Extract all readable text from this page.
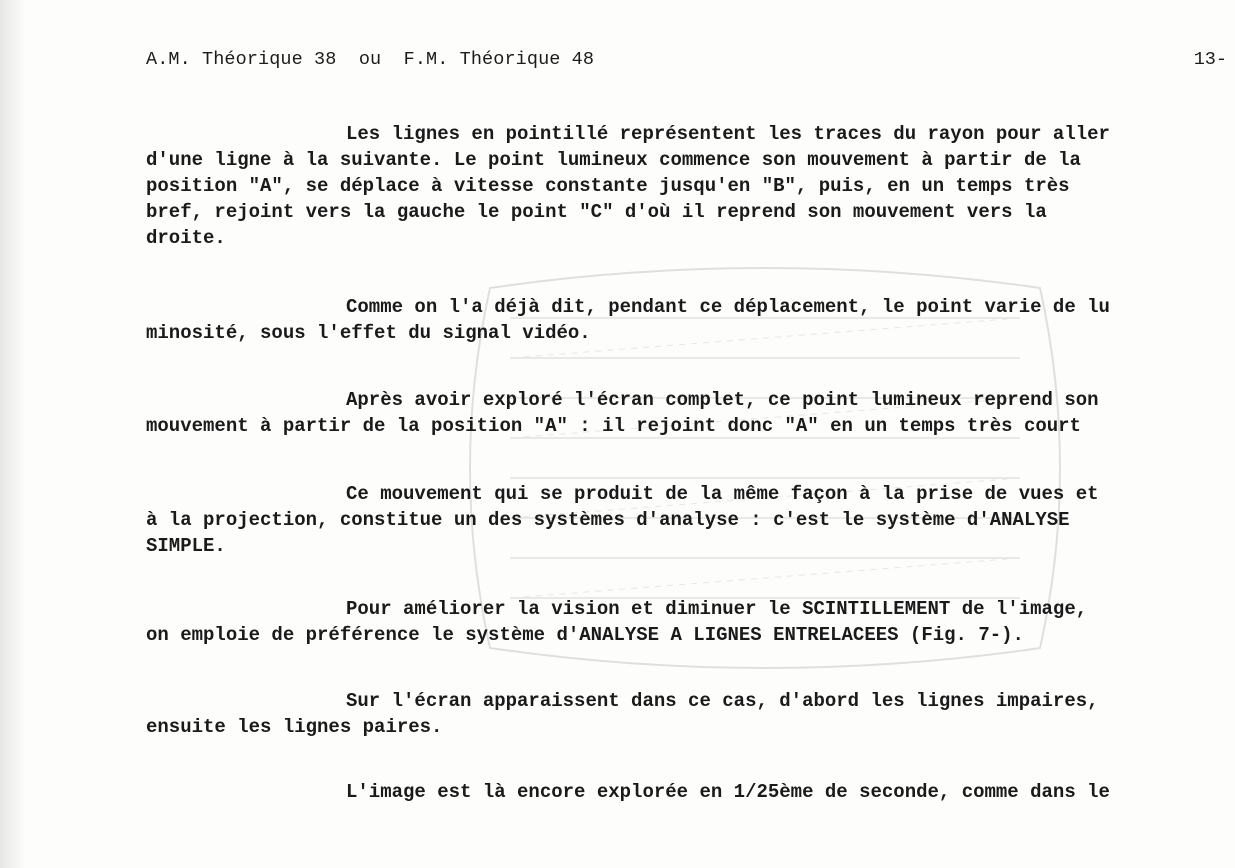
A.M. Théorique 38  ou  F.M. Théorique 48	13-
Les lignes en pointillé représentent les traces du rayon pour aller
d'une ligne à la suivante. Le point lumineux commence son mouvement à partir de la
position "A", se déplace à vitesse constante jusqu'en "B", puis, en un temps très
bref, rejoint vers la gauche le point "C" d'où il reprend son mouvement vers la
droite.
Comme on l'a déjà dit, pendant ce déplacement, le point varie de lu
minosité, sous l'effet du signal vidéo.
Après avoir exploré l'écran complet, ce point lumineux reprend son
mouvement à partir de la position "A" : il rejoint donc "A" en un temps très court
Ce mouvement qui se produit de la même façon à la prise de vues et
à la projection, constitue un des systèmes d'analyse : c'est le système d'ANALYSE
SIMPLE.
Pour améliorer la vision et diminuer le SCINTILLEMENT de l'image,
on emploie de préférence le système d'ANALYSE A LIGNES ENTRELACEES (Fig. 7-).
Sur l'écran apparaissent dans ce cas, d'abord les lignes impaires,
ensuite les lignes paires.
L'image est là encore explorée en 1/25ème de seconde, comme dans le
